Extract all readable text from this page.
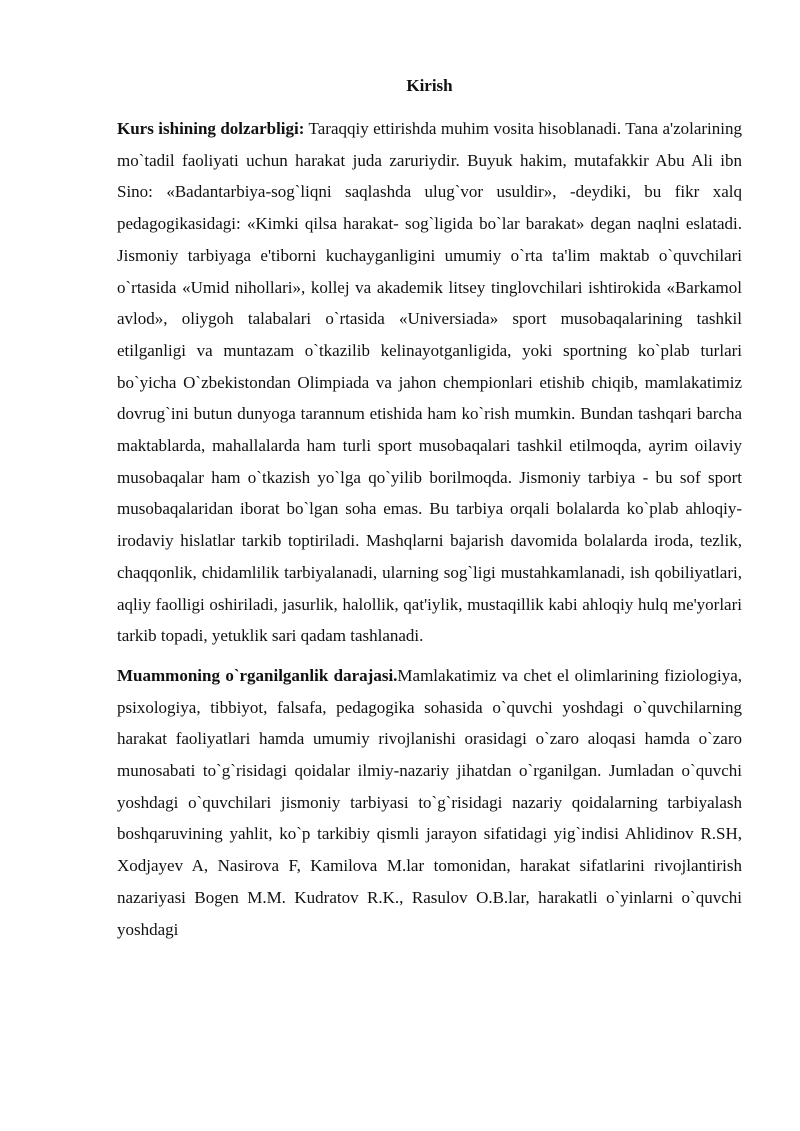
Kirish

Kurs ishining dolzarbligi: Taraqqiy ettirishda muhim vosita hisoblanadi. Tana a'zolarining mo`tadil faoliyati uchun harakat juda zaruriydir. Buyuk hakim, mutafakkir Abu Ali ibn Sino: «Badantarbiya-sog`liqni saqlashda ulug`vor usuldir», -deydiki, bu fikr xalq pedagogikasidagi: «Kimki qilsa harakat- sog`ligida bo`lar barakat» degan naqlni eslatadi. Jismoniy tarbiyaga e'tiborni kuchayganligini umumiy o`rta ta'lim maktab o`quvchilari o`rtasida «Umid nihollari», kollej va akademik litsey tinglovchilari ishtirokida «Barkamol avlod», oliygoh talabalari o`rtasida «Universiada» sport musobaqalarining tashkil etilganligi va muntazam o`tkazilib kelinayotganligida, yoki sportning ko`plab turlari bo`yicha O`zbekistondan Olimpiada va jahon chempionlari etishib chiqib, mamlakatimiz dovrug`ini butun dunyoga tarannum etishida ham ko`rish mumkin. Bundan tashqari barcha maktablarda, mahallalarda ham turli sport musobaqalari tashkil etilmoqda, ayrim oilaviy musobaqalar ham o`tkazish yo`lga qo`yilib borilmoqda. Jismoniy tarbiya - bu sof sport musobaqalaridan iborat bo`lgan soha emas. Bu tarbiya orqali bolalarda ko`plab ahloqiy-irodaviy hislatlar tarkib toptiriladi. Mashqlarni bajarish davomida bolalarda iroda, tezlik, chaqqonlik, chidamlilik tarbiyalanadi, ularning sog`ligi mustahkamlanadi, ish qobiliyatlari, aqliy faolligi oshiriladi, jasurlik, halollik, qat'iylik, mustaqillik kabi ahloqiy hulq me'yorlari tarkib topadi, yetuklik sari qadam tashlanadi.

Muammoning o`rganilganlik darajasi.Mamlakatimiz va chet el olimlarining fiziologiya, psixologiya, tibbiyot, falsafa, pedagogika sohasida o`quvchi yoshdagi o`quvchilarning harakat faoliyatlari hamda umumiy rivojlanishi orasidagi o`zaro aloqasi hamda o`zaro munosabati to`g`risidagi qoidalar ilmiy-nazariy jihatdan o`rganilgan. Jumladan o`quvchi yoshdagi o`quvchilari jismoniy tarbiyasi to`g`risidagi nazariy qoidalarning tarbiyalash boshqaruvining yahlit, ko`p tarkibiy qismli jarayon sifatidagi yig`indisi Ahlidinov R.SH, Xodjayev A, Nasirova F, Kamilova M.lar tomonidan, harakat sifatlarini rivojlantirish nazariyasi Bogen M.M. Kudratov R.K., Rasulov O.B.lar, harakatli o`yinlarni o`quvchi yoshdagi
